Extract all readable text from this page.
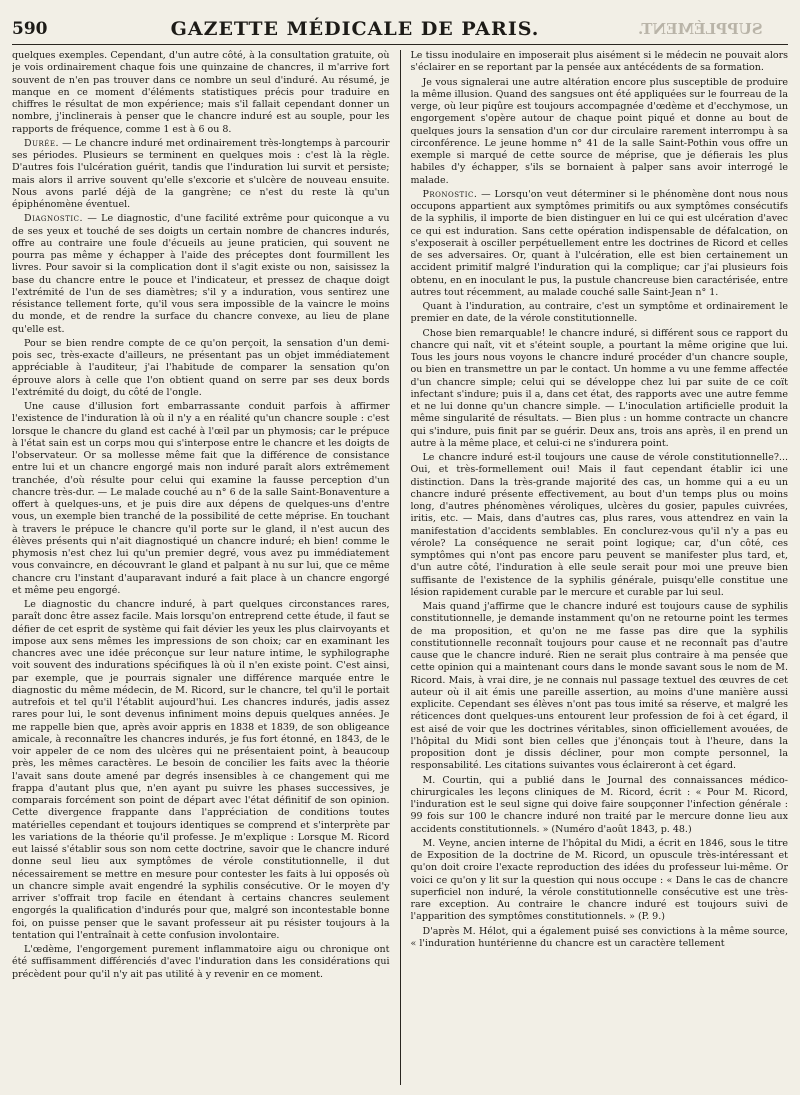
590	GAZETTE MÉDICALE DE PARIS.	SUPPLÉMENT.

quelques exemples. Cependant, d'un autre côté, à la consultation gratuite, où je vois ordinairement chaque fois une quinzaine de chancres, il m'arrive fort souvent de n'en pas trouver dans ce nombre un seul d'induré. Au résumé, je manque en ce moment d'éléments statistiques précis pour traduire en chiffres le résultat de mon expérience; mais s'il fallait cependant donner un nombre, j'inclinerais à penser que le chancre induré est au souple, pour les rapports de fréquence, comme 1 est à 6 ou 8.

Durée. — Le chancre induré met ordinairement très-longtemps à parcourir ses périodes. Plusieurs se terminent en quelques mois : c'est là la règle. D'autres fois l'ulcération guérit, tandis que l'induration lui survit et persiste; mais alors il arrive souvent qu'elle s'excorie et s'ulcère de nouveau ensuite. Nous avons parlé déjà de la gangrène; ce n'est du reste là qu'un épiphénomène éventuel.

Diagnostic. — Le diagnostic, d'une facilité extrême pour quiconque a vu de ses yeux et touché de ses doigts un certain nombre de chancres indurés, offre au contraire une foule d'écueils au jeune praticien, qui souvent ne pourra pas même y échapper à l'aide des préceptes dont fourmillent les livres. Pour savoir si la complication dont il s'agit existe ou non, saisissez la base du chancre entre le pouce et l'indicateur, et pressez de chaque doigt l'extrémité de l'un de ses diamètres; s'il y a induration, vous sentirez une résistance tellement forte, qu'il vous sera impossible de la vaincre le moins du monde, et de rendre la surface du chancre convexe, au lieu de plane qu'elle est.

Pour se bien rendre compte de ce qu'on perçoit, la sensation d'un demi-pois sec, très-exacte d'ailleurs, ne présentant pas un objet immédiatement appréciable à l'auditeur, j'ai l'habitude de comparer la sensation qu'on éprouve alors à celle que l'on obtient quand on serre par ses deux bords l'extrémité du doigt, du côté de l'ongle.

Une cause d'illusion fort embarrassante conduit parfois à affirmer l'existence de l'induration là où il n'y a en réalité qu'un chancre souple : c'est lorsque le chancre du gland est caché à l'œil par un phymosis; car le prépuce à l'état sain est un corps mou qui s'interpose entre le chancre et les doigts de l'observateur. Or sa mollesse même fait que la différence de consistance entre lui et un chancre engorgé mais non induré paraît alors extrêmement tranchée, d'où résulte pour celui qui examine la fausse perception d'un chancre très-dur. — Le malade couché au n° 6 de la salle Saint-Bonaventure a offert à quelques-uns, et je puis dire aux dépens de quelques-uns d'entre vous, un exemple bien tranché de la possibilité de cette méprise. En touchant à travers le prépuce le chancre qu'il porte sur le gland, il n'est aucun des élèves présents qui n'ait diagnostiqué un chancre induré; eh bien! comme le phymosis n'est chez lui qu'un premier degré, vous avez pu immédiatement vous convaincre, en découvrant le gland et palpant à nu sur lui, que ce même chancre cru l'instant d'auparavant induré a fait place à un chancre engorgé et même peu engorgé.

Le diagnostic du chancre induré, à part quelques circonstances rares, paraît donc être assez facile. Mais lorsqu'on entreprend cette étude, il faut se défier de cet esprit de système qui fait dévier les yeux les plus clairvoyants et impose aux sens mêmes les impressions de son choix; car en examinant les chancres avec une idée préconçue sur leur nature intime, le syphilographe voit souvent des indurations spécifiques là où il n'en existe point. C'est ainsi, par exemple, que je pourrais signaler une différence marquée entre le diagnostic du même médecin, de M. Ricord, sur le chancre, tel qu'il le portait autrefois et tel qu'il l'établit aujourd'hui. Les chancres indurés, jadis assez rares pour lui, le sont devenus infiniment moins depuis quelques années. Je me rappelle bien que, après avoir appris en 1838 et 1839, de son obligeance amicale, à reconnaître les chancres indurés, je fus fort étonné, en 1843, de le voir appeler de ce nom des ulcères qui ne présentaient point, à beaucoup près, les mêmes caractères. Le besoin de concilier les faits avec la théorie l'avait sans doute amené par degrés insensibles à ce changement qui me frappa d'autant plus que, n'en ayant pu suivre les phases successives, je comparais forcément son point de départ avec l'état définitif de son opinion. Cette divergence frappante dans l'appréciation de conditions toutes matérielles cependant et toujours identiques se comprend et s'interprète par les variations de la théorie qu'il professe. Je m'explique : Lorsque M. Ricord eut laissé s'établir sous son nom cette doctrine, savoir que le chancre induré donne seul lieu aux symptômes de vérole constitutionnelle, il dut nécessairement se mettre en mesure pour contester les faits à lui opposés où un chancre simple avait engendré la syphilis consécutive. Or le moyen d'y arriver s'offrait trop facile en étendant à certains chancres seulement engorgés la qualification d'indurés pour que, malgré son incontestable bonne foi, on puisse penser que le savant professeur ait pu résister toujours à la tentation qui l'entraînait à cette confusion involontaire.

L'œdème, l'engorgement purement inflammatoire aigu ou chronique ont été suffisamment différenciés d'avec l'induration dans les considérations qui précèdent pour qu'il n'y ait pas utilité à y revenir en ce moment.

Le tissu inodulaire en imposerait plus aisément si le médecin ne pouvait alors s'éclairer en se reportant par la pensée aux antécédents de sa formation.

Je vous signalerai une autre altération encore plus susceptible de produire la même illusion. Quand des sangsues ont été appliquées sur le fourreau de la verge, où leur piqûre est toujours accompagnée d'œdème et d'ecchymose, un engorgement s'opère autour de chaque point piqué et donne au bout de quelques jours la sensation d'un cor dur circulaire rarement interrompu à sa circonférence. Le jeune homme n° 41 de la salle Saint-Pothin vous offre un exemple si marqué de cette source de méprise, que je défierais les plus habiles d'y échapper, s'ils se bornaient à palper sans avoir interrogé le malade.

Pronostic. — Lorsqu'on veut déterminer si le phénomène dont nous nous occupons appartient aux symptômes primitifs ou aux symptômes consécutifs de la syphilis, il importe de bien distinguer en lui ce qui est ulcération d'avec ce qui est induration. Sans cette opération indispensable de défalcation, on s'exposerait à osciller perpétuellement entre les doctrines de Ricord et celles de ses adversaires. Or, quant à l'ulcération, elle est bien certainement un accident primitif malgré l'induration qui la complique; car j'ai plusieurs fois obtenu, en en inoculant le pus, la pustule chancreuse bien caractérisée, entre autres tout récemment, au malade couché salle Saint-Jean n° 1.

Quant à l'induration, au contraire, c'est un symptôme et ordinairement le premier en date, de la vérole constitutionnelle.

Chose bien remarquable! le chancre induré, si différent sous ce rapport du chancre qui naît, vit et s'éteint souple, a pourtant la même origine que lui. Tous les jours nous voyons le chancre induré procéder d'un chancre souple, ou bien en transmettre un par le contact. Un homme a vu une femme affectée d'un chancre simple; celui qui se développe chez lui par suite de ce coït infectant s'indure; puis il a, dans cet état, des rapports avec une autre femme et ne lui donne qu'un chancre simple. — L'inoculation artificielle produit la même singularité de résultats. — Bien plus : un homme contracte un chancre qui s'indure, puis finit par se guérir. Deux ans, trois ans après, il en prend un autre à la même place, et celui-ci ne s'indurera point.

Le chancre induré est-il toujours une cause de vérole constitutionnelle?... Oui, et très-formellement oui! Mais il faut cependant établir ici une distinction. Dans la très-grande majorité des cas, un homme qui a eu un chancre induré présente effectivement, au bout d'un temps plus ou moins long, d'autres phénomènes véroliques, ulcères du gosier, papules cuivrées, iritis, etc. — Mais, dans d'autres cas, plus rares, vous attendrez en vain la manifestation d'accidents semblables. En conclurez-vous qu'il n'y a pas eu vérole? La conséquence ne serait point logique; car, d'un côté, ces symptômes qui n'ont pas encore paru peuvent se manifester plus tard, et, d'un autre côté, l'induration à elle seule serait pour moi une preuve bien suffisante de l'existence de la syphilis générale, puisqu'elle constitue une lésion rapidement curable par le mercure et curable par lui seul.

Mais quand j'affirme que le chancre induré est toujours cause de syphilis constitutionnelle, je demande instamment qu'on ne retourne point les termes de ma proposition, et qu'on ne me fasse pas dire que la syphilis constitutionnelle reconnaît toujours pour cause et ne reconnaît pas d'autre cause que le chancre induré. Rien ne serait plus contraire à ma pensée que cette opinion qui a maintenant cours dans le monde savant sous le nom de M. Ricord. Mais, à vrai dire, je ne connais nul passage textuel des œuvres de cet auteur où il ait émis une pareille assertion, au moins d'une manière aussi explicite. Cependant ses élèves n'ont pas tous imité sa réserve, et malgré les réticences dont quelques-uns entourent leur profession de foi à cet égard, il est aisé de voir que les doctrines véritables, sinon officiellement avouées, de l'hôpital du Midi sont bien celles que j'énonçais tout à l'heure, dans la proposition dont je dissis décliner, pour mon compte personnel, la responsabilité. Les citations suivantes vous éclaireront à cet égard.

M. Courtin, qui a publié dans le Journal des connaissances médico-chirurgicales les leçons cliniques de M. Ricord, écrit : « Pour M. Ricord, l'induration est le seul signe qui doive faire soupçonner l'infection générale : 99 fois sur 100 le chancre induré non traité par le mercure donne lieu aux accidents constitutionnels. » (Numéro d'août 1843, p. 48.)

M. Veyne, ancien interne de l'hôpital du Midi, a écrit en 1846, sous le titre de Exposition de la doctrine de M. Ricord, un opuscule très-intéressant et qu'on doit croire l'exacte reproduction des idées du professeur lui-même. Or voici ce qu'on y lit sur la question qui nous occupe : « Dans le cas de chancre superficiel non induré, la vérole constitutionnelle consécutive est une très-rare exception. Au contraire le chancre induré est toujours suivi de l'apparition des symptômes constitutionnels. » (P. 9.)

D'après M. Hélot, qui a également puisé ses convictions à la même source, « l'induration huntérienne du chancre est un caractère tellement
